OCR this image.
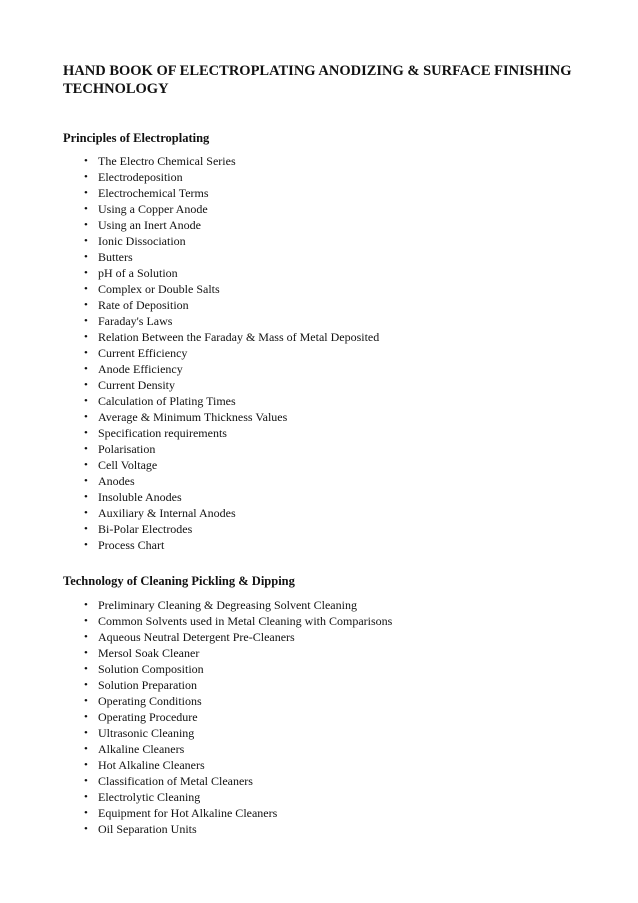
HAND BOOK OF ELECTROPLATING ANODIZING & SURFACE FINISHING TECHNOLOGY
Principles of Electroplating
• The Electro Chemical Series
• Electrodeposition
• Electrochemical Terms
• Using a Copper Anode
• Using an Inert Anode
• Ionic Dissociation
• Butters
• pH of a Solution
• Complex or Double Salts
• Rate of Deposition
• Faraday's Laws
• Relation Between the Faraday & Mass of Metal Deposited
• Current Efficiency
• Anode Efficiency
• Current Density
• Calculation of Plating Times
• Average & Minimum Thickness Values
• Specification requirements
• Polarisation
• Cell Voltage
• Anodes
• Insoluble Anodes
• Auxiliary & Internal Anodes
• Bi-Polar Electrodes
• Process Chart
Technology of Cleaning Pickling & Dipping
• Preliminary Cleaning & Degreasing Solvent Cleaning
• Common Solvents used in Metal Cleaning with Comparisons
• Aqueous Neutral Detergent Pre-Cleaners
• Mersol Soak Cleaner
• Solution Composition
• Solution Preparation
• Operating Conditions
• Operating Procedure
• Ultrasonic Cleaning
• Alkaline Cleaners
• Hot Alkaline Cleaners
• Classification of Metal Cleaners
• Electrolytic Cleaning
• Equipment for Hot Alkaline Cleaners
• Oil Separation Units
